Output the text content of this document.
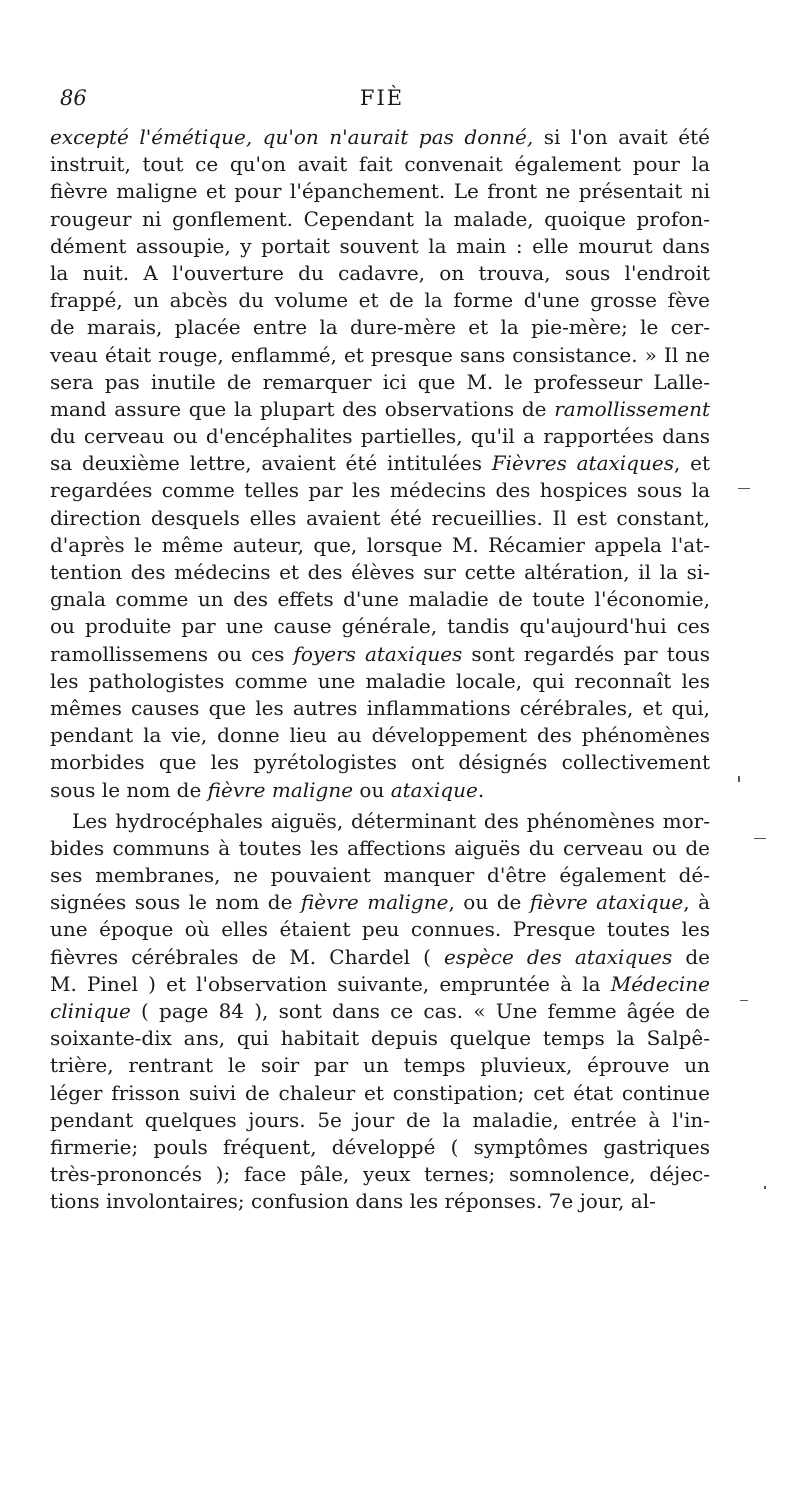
86	FIÈ
excepté l'émétique, qu'on n'aurait pas donné, si l'on avait été
instruit, tout ce qu'on avait fait convenait également pour la
fièvre maligne et pour l'épanchement. Le front ne présentait ni
rougeur ni gonflement. Cependant la malade, quoique profon-
dément assoupie, y portait souvent la main : elle mourut dans
la nuit. A l'ouverture du cadavre, on trouva, sous l'endroit
frappé, un abcès du volume et de la forme d'une grosse fève
de marais, placée entre la dure-mère et la pie-mère; le cer-
veau était rouge, enflammé, et presque sans consistance. » Il ne
sera pas inutile de remarquer ici que M. le professeur Lalle-
mand assure que la plupart des observations de ramollissement
du cerveau ou d'encéphalites partielles, qu'il a rapportées dans
sa deuxième lettre, avaient été intitulées Fièvres ataxiques, et
regardées comme telles par les médecins des hospices sous la
direction desquels elles avaient été recueillies. Il est constant,
d'après le même auteur, que, lorsque M. Récamier appela l'at-
tention des médecins et des élèves sur cette altération, il la si-
gnala comme un des effets d'une maladie de toute l'économie,
ou produite par une cause générale, tandis qu'aujourd'hui ces
ramollissemens ou ces foyers ataxiques sont regardés par tous
les pathologistes comme une maladie locale, qui reconnaît les
mêmes causes que les autres inflammations cérébrales, et qui,
pendant la vie, donne lieu au développement des phénomènes
morbides que les pyrétologistes ont désignés collectivement
sous le nom de fièvre maligne ou ataxique.
Les hydrocéphales aiguës, déterminant des phénomènes mor-
bides communs à toutes les affections aiguës du cerveau ou de
ses membranes, ne pouvaient manquer d'être également dé-
signées sous le nom de fièvre maligne, ou de fièvre ataxique, à
une époque où elles étaient peu connues. Presque toutes les
fièvres cérébrales de M. Chardel ( espèce des ataxiques de
M. Pinel ) et l'observation suivante, empruntée à la Médecine
clinique ( page 84 ), sont dans ce cas. « Une femme âgée de
soixante-dix ans, qui habitait depuis quelque temps la Salpê-
trière, rentrant le soir par un temps pluvieux, éprouve un
léger frisson suivi de chaleur et constipation; cet état continue
pendant quelques jours. 5e jour de la maladie, entrée à l'in-
firmerie; pouls fréquent, développé ( symptômes gastriques
très-prononcés ); face pâle, yeux ternes; somnolence, déjec-
tions involontaires; confusion dans les réponses. 7e jour, al-
